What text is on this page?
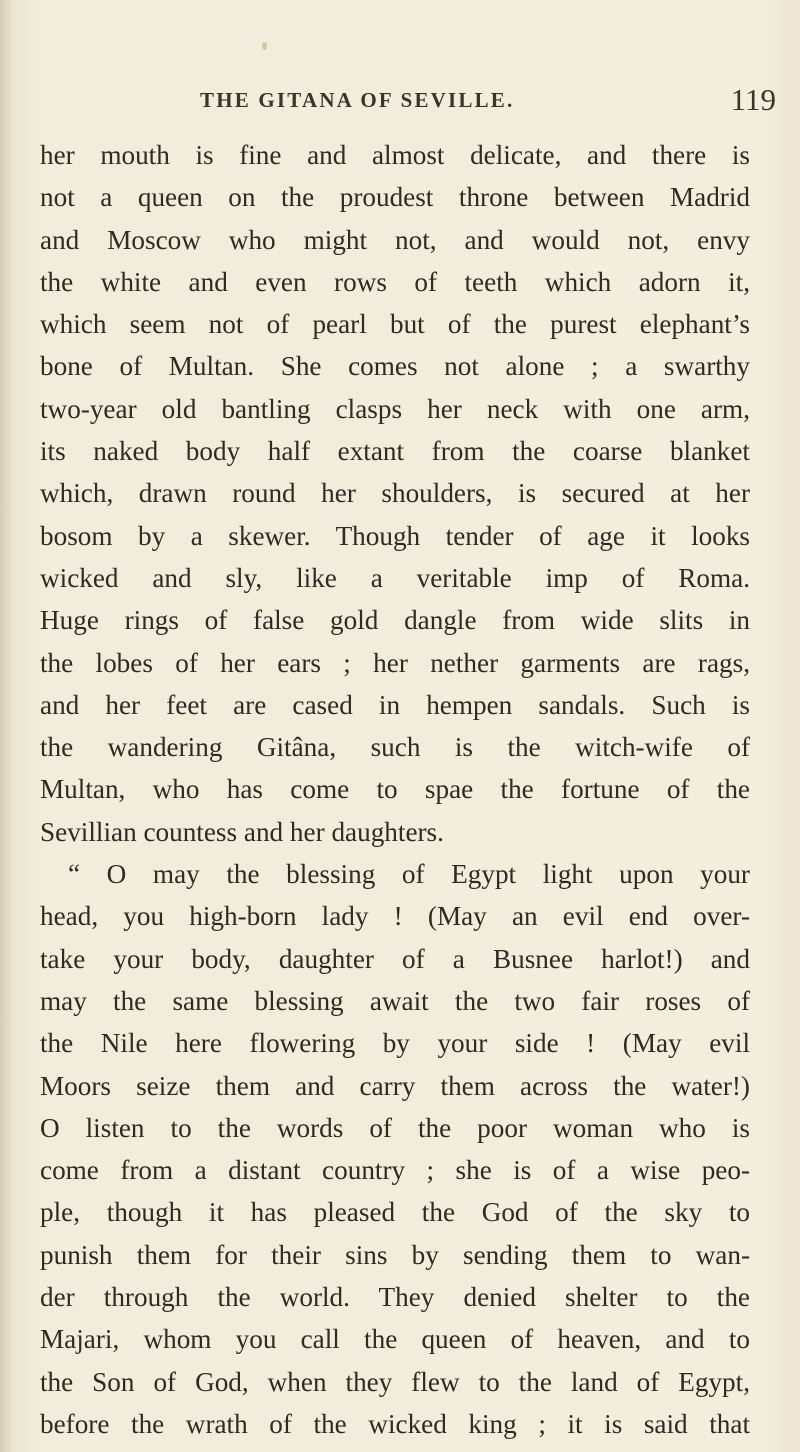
THE GITANA OF SEVILLE.	119
her mouth is fine and almost delicate, and there is
not a queen on the proudest throne between Madrid
and Moscow who might not, and would not, envy
the white and even rows of teeth which adorn it,
which seem not of pearl but of the purest elephant’s
bone of Multan. She comes not alone ; a swarthy
two-year old bantling clasps her neck with one arm,
its naked body half extant from the coarse blanket
which, drawn round her shoulders, is secured at her
bosom by a skewer. Though tender of age it looks
wicked and sly, like a veritable imp of Roma.
Huge rings of false gold dangle from wide slits in
the lobes of her ears ; her nether garments are rags,
and her feet are cased in hempen sandals. Such is
the wandering Gitâna, such is the witch-wife of
Multan, who has come to spae the fortune of the
Sevillian countess and her daughters.
“ O may the blessing of Egypt light upon your
head, you high-born lady ! (May an evil end over-
take your body, daughter of a Busnee harlot!) and
may the same blessing await the two fair roses of
the Nile here flowering by your side ! (May evil
Moors seize them and carry them across the water!)
O listen to the words of the poor woman who is
come from a distant country ; she is of a wise peo-
ple, though it has pleased the God of the sky to
punish them for their sins by sending them to wan-
der through the world. They denied shelter to the
Majari, whom you call the queen of heaven, and to
the Son of God, when they flew to the land of Egypt,
before the wrath of the wicked king ; it is said that
